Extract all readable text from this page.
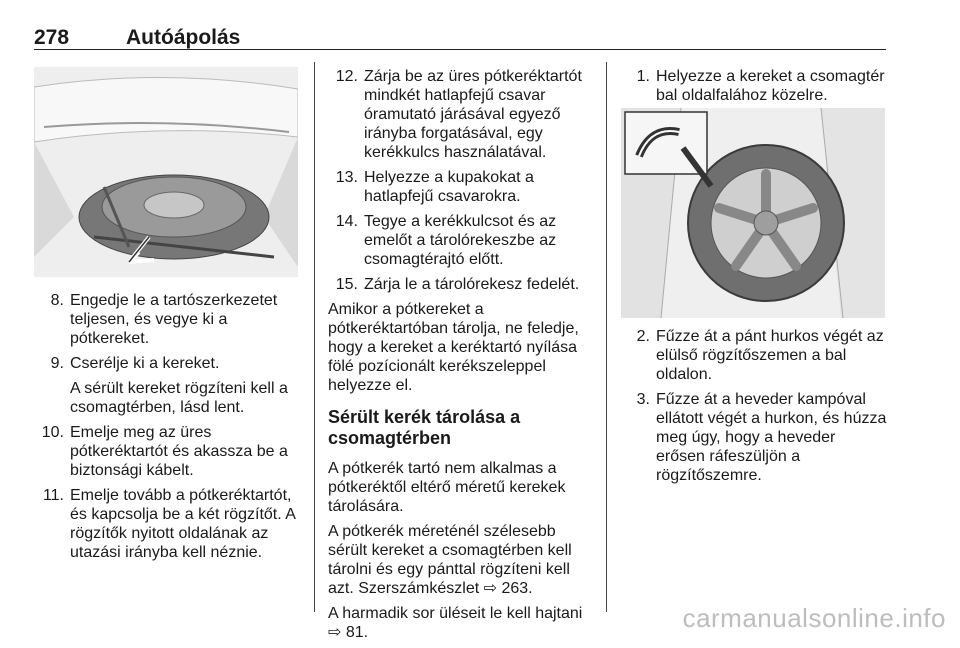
278	Autóápolás
8. Engedje le a tartószerkezetet teljesen, és vegye ki a pótkereket.
9. Cserélje ki a kereket.
A sérült kereket rögzíteni kell a csomagtérben, lásd lent.
10. Emelje meg az üres pótkeréktartót és akassza be a biztonsági kábelt.
11. Emelje tovább a pótkeréktartót, és kapcsolja be a két rögzítőt. A rögzítők nyitott oldalának az utazási irányba kell néznie.
12. Zárja be az üres pótkeréktartót mindkét hatlapfejű csavar óramutató járásával egyező irányba forgatásával, egy kerékkulcs használatával.
13. Helyezze a kupakokat a hatlapfejű csavarokra.
14. Tegye a kerékkulcsot és az emelőt a tárolórekeszbe az csomagtérajtó előtt.
15. Zárja le a tárolórekesz fedelét.
Amikor a pótkereket a pótkeréktartóban tárolja, ne feledje, hogy a kereket a keréktartó nyílása fölé pozícionált kerékszeleppel helyezze el.
Sérült kerék tárolása a csomagtérben
A pótkerék tartó nem alkalmas a pótkeréktől eltérő méretű kerekek tárolására.
A pótkerék méreténél szélesebb sérült kereket a csomagtérben kell tárolni és egy pánttal rögzíteni kell azt. Szerszámkészlet ⇨ 263.
A harmadik sor üléseit le kell hajtani ⇨ 81.
1. Helyezze a kereket a csomagtér bal oldalfalához közelre.
2. Fűzze át a pánt hurkos végét az elülső rögzítőszemen a bal oldalon.
3. Fűzze át a heveder kampóval ellátott végét a hurkon, és húzza meg úgy, hogy a heveder erősen ráfeszüljön a rögzítőszemre.
carmanualsonline.info
